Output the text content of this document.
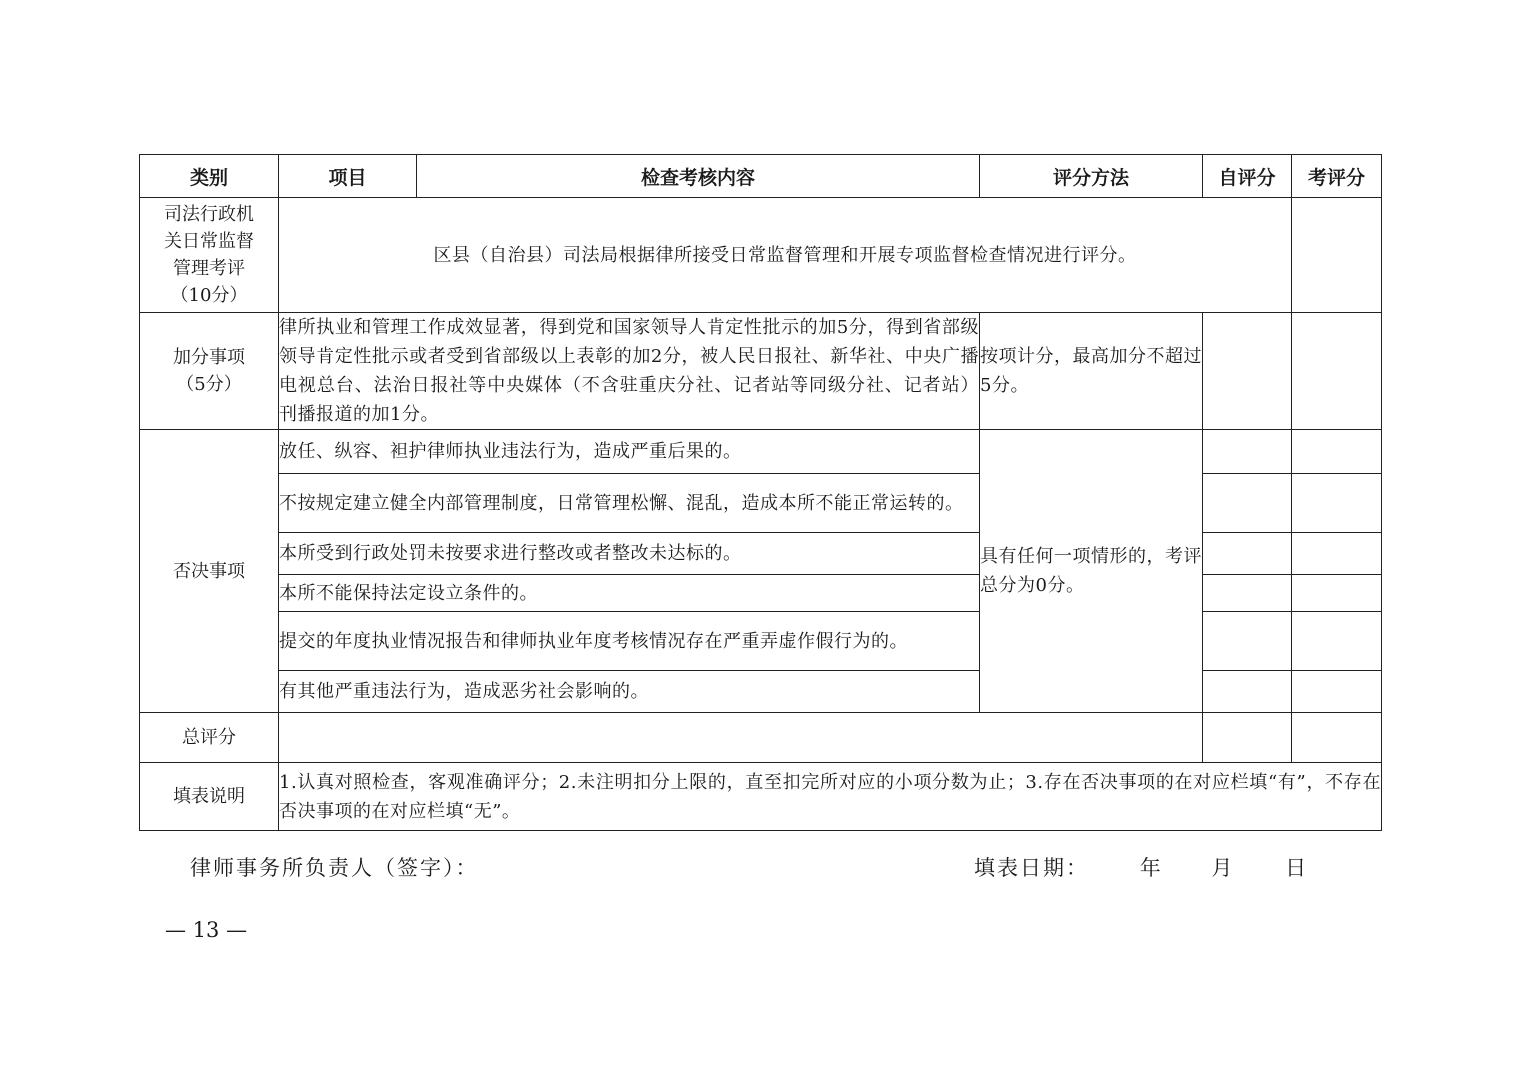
类别	项目	检查考核内容	评分方法	自评分	考评分

司法行政机
关日常监督
管理考评
（10分）	区县（自治县）司法局根据律所接受日常监督管理和开展专项监督检查情况进行评分。				

加分事项
（5分）	律所执业和管理工作成效显著，得到党和国家领导人肯定性批示的加5分，得到省部级领导肯定性批示或者受到省部级以上表彰的加2分，被人民日报社、新华社、中央广播电视总台、法治日报社等中央媒体（不含驻重庆分社、记者站等同级分社、记者站）刊播报道的加1分。		按项计分，最高加分不超过5分。		
否决事项	放任、纵容、袒护律师执业违法行为，造成严重后果的。		具有任何一项情形的，考评总分为0分。		
	不按规定建立健全内部管理制度，日常管理松懈、混乱，造成本所不能正常运转的。				
	本所受到行政处罚未按要求进行整改或者整改未达标的。				
	本所不能保持法定设立条件的。				
	提交的年度执业情况报告和律师执业年度考核情况存在严重弄虚作假行为的。				
	有其他严重违法行为，造成恶劣社会影响的。				
总评分					
填表说明	1.认真对照检查，客观准确评分；2.未注明扣分上限的，直至扣完所对应的小项分数为止；3.存在否决事项的在对应栏填“有”，不存在否决事项的在对应栏填“无”。				
律师事务所负责人（签字）：	填表日期： 年 月 日
— 13 —
